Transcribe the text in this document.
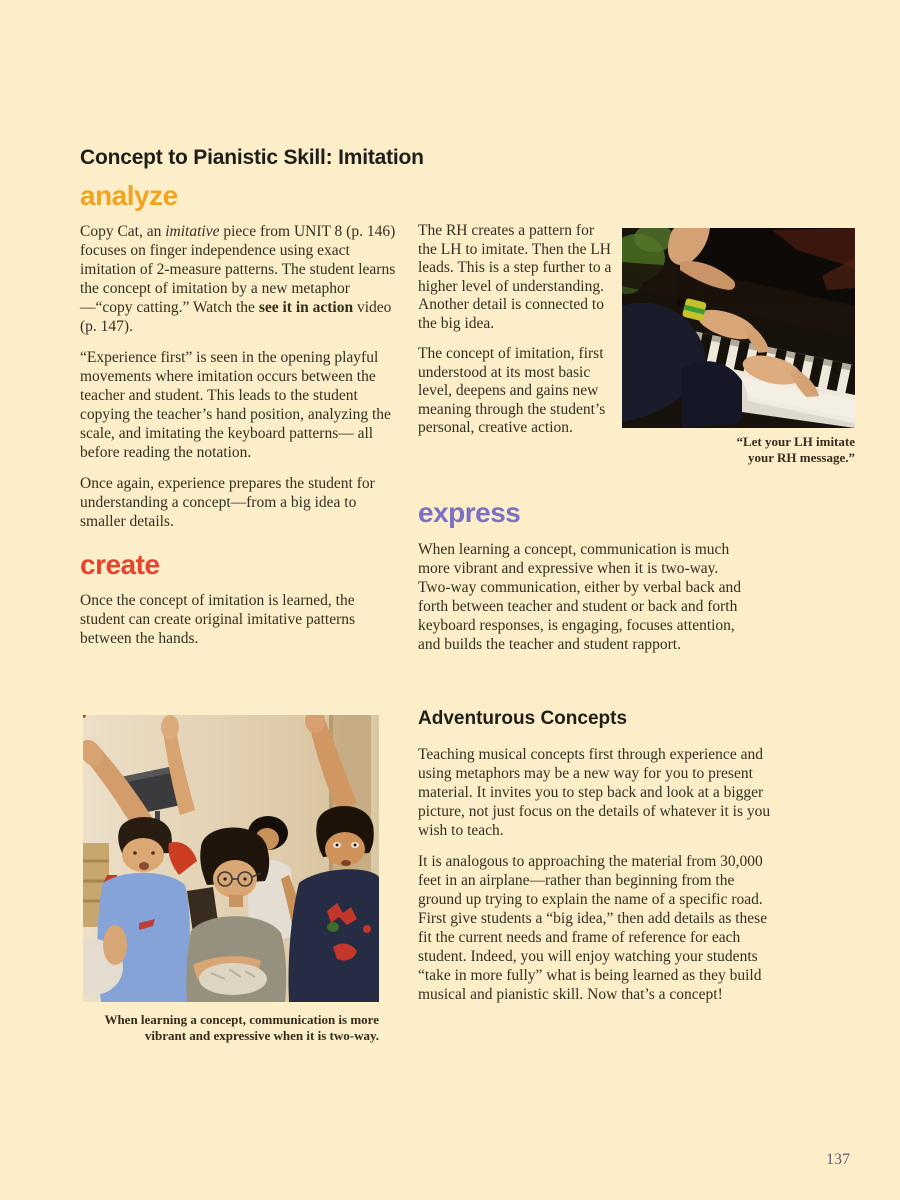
Concept to Pianistic Skill: Imitation
analyze

Copy Cat, an imitative piece from UNIT 8 (p. 146) focuses on finger independence using exact imitation of 2-measure patterns. The student learns the concept of imitation by a new metaphor—“copy catting.” Watch the see it in action video (p. 147).

“Experience first” is seen in the opening playful movements where imitation occurs between the teacher and student. This leads to the student copying the teacher’s hand position, analyzing the scale, and imitating the keyboard patterns— all before reading the notation.

Once again, experience prepares the student for understanding a concept—from a big idea to smaller details.

create

Once the concept of imitation is learned, the student can create original imitative patterns between the hands.

The RH creates a pattern for the LH to imitate. Then the LH leads. This is a step further to a higher level of understanding. Another detail is connected to the big idea.

The concept of imitation, first understood at its most basic level, deepens and gains new meaning through the student’s personal, creative action.

“Let your LH imitate
your RH message.”
express

When learning a concept, communication is much more vibrant and expressive when it is two-way. Two-way communication, either by verbal back and forth between teacher and student or back and forth keyboard responses, is engaging, focuses attention, and builds the teacher and student rapport.

Adventurous Concepts

Teaching musical concepts first through experience and using metaphors may be a new way for you to present material. It invites you to step back and look at a bigger picture, not just focus on the details of whatever it is you wish to teach.

It is analogous to approaching the material from 30,000 feet in an airplane—rather than beginning from the ground up trying to explain the name of a specific road. First give students a “big idea,” then add details as these fit the current needs and frame of reference for each student. Indeed, you will enjoy watching your students “take in more fully” what is being learned as they build musical and pianistic skill. Now that’s a concept!

When learning a concept, communication is more
vibrant and expressive when it is two-way.
137
